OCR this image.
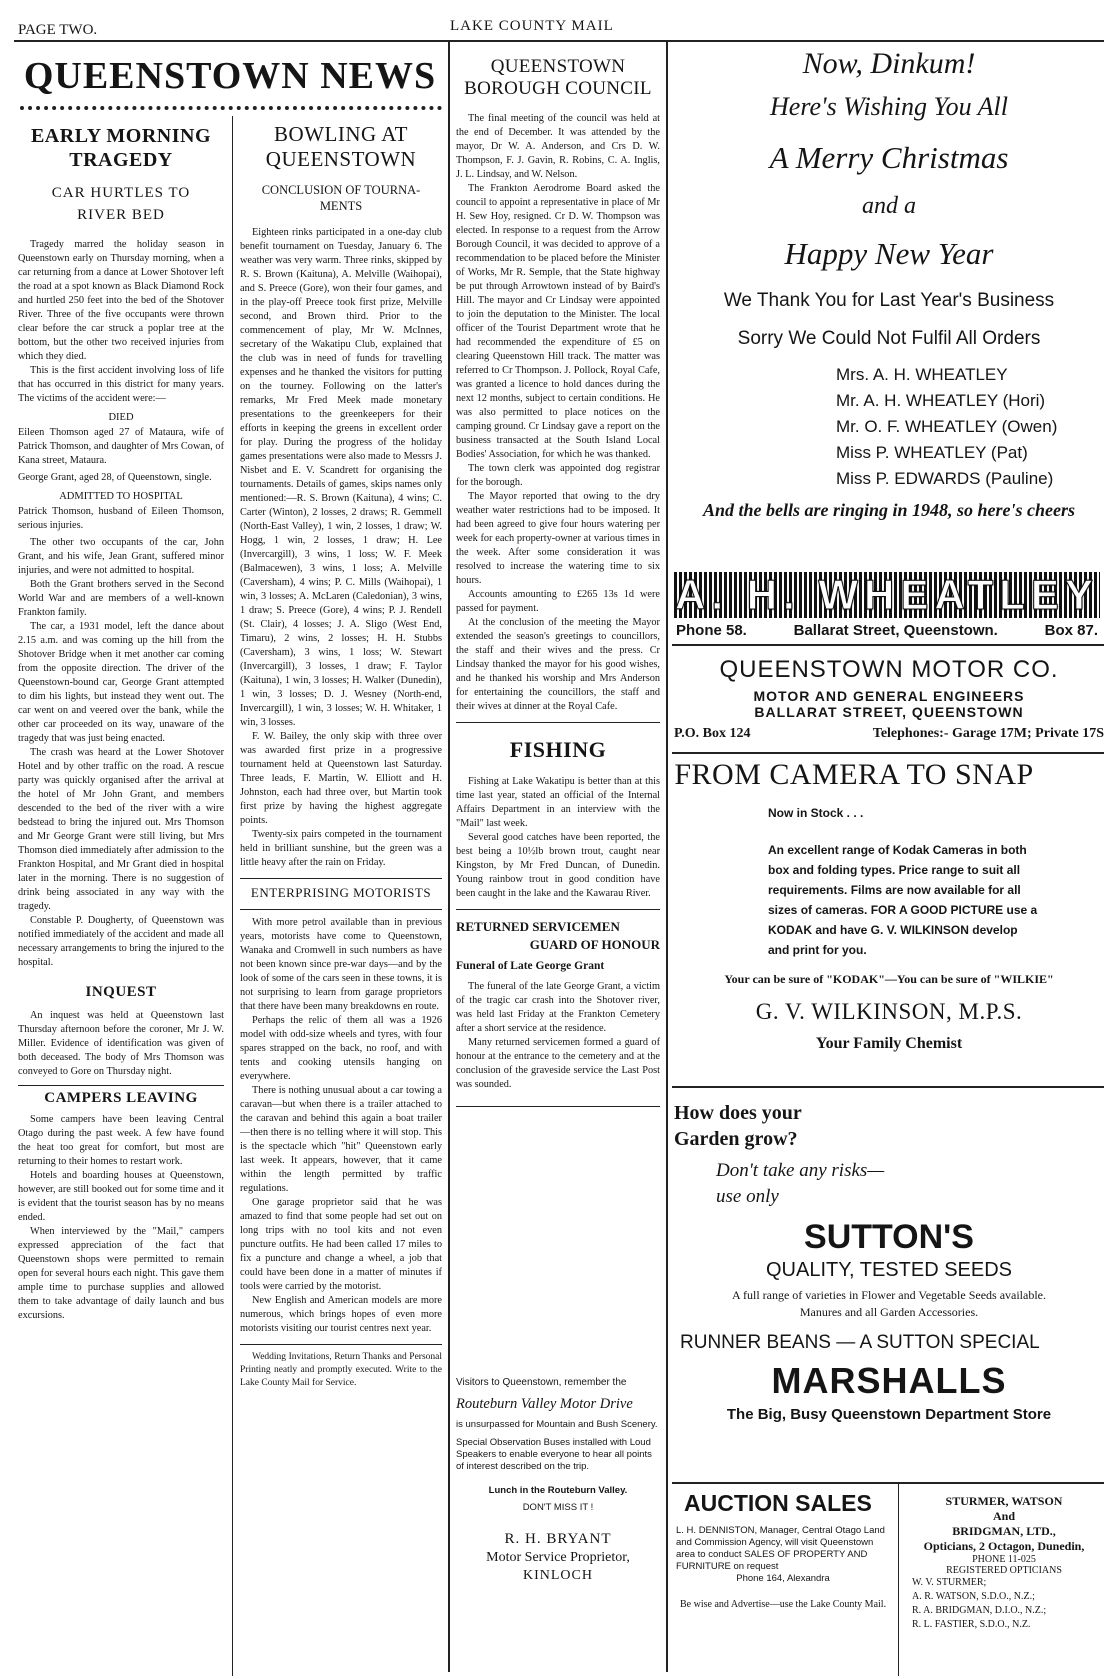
PAGE TWO.	LAKE COUNTY MAIL
QUEENSTOWN NEWS
EARLY MORNING
TRAGEDY
CAR HURTLES TO
RIVER BED

Tragedy marred the holiday season in Queenstown early on Thursday morning, when a car returning from a dance at Lower Shotover left the road at a spot known as Black Diamond Rock and hurtled 250 feet into the bed of the Shotover River. Three of the five occupants were thrown clear before the car struck a poplar tree at the bottom, but the other two received injuries from which they died.

This is the first accident involving loss of life that has occurred in this district for many years. The victims of the accident were:—

DIED

Eileen Thomson aged 27 of Mataura, wife of Patrick Thomson, and daughter of Mrs Cowan, of Kana street, Mataura.

George Grant, aged 28, of Queenstown, single.

ADMITTED TO HOSPITAL

Patrick Thomson, husband of Eileen Thomson, serious injuries.

The other two occupants of the car, John Grant, and his wife, Jean Grant, suffered minor injuries, and were not admitted to hospital.

Both the Grant brothers served in the Second World War and are members of a well-known Frankton family.

The car, a 1931 model, left the dance about 2.15 a.m. and was coming up the hill from the Shotover Bridge when it met another car coming from the opposite direction. The driver of the Queenstown-bound car, George Grant attempted to dim his lights, but instead they went out. The car went on and veered over the bank, while the other car proceeded on its way, unaware of the tragedy that was just being enacted.

The crash was heard at the Lower Shotover Hotel and by other traffic on the road. A rescue party was quickly organised after the arrival at the hotel of Mr John Grant, and members descended to the bed of the river with a wire bedstead to bring the injured out. Mrs Thomson and Mr George Grant were still living, but Mrs Thomson died immediately after admission to the Frankton Hospital, and Mr Grant died in hospital later in the morning. There is no suggestion of drink being associated in any way with the tragedy.

Constable P. Dougherty, of Queenstown was notified immediately of the accident and made all necessary arrangements to bring the injured to the hospital.

INQUEST

An inquest was held at Queenstown last Thursday afternoon before the coroner, Mr J. W. Miller. Evidence of identification was given of both deceased. The body of Mrs Thomson was conveyed to Gore on Thursday night.

CAMPERS LEAVING

Some campers have been leaving Central Otago during the past week. A few have found the heat too great for comfort, but most are returning to their homes to restart work.

Hotels and boarding houses at Queenstown, however, are still booked out for some time and it is evident that the tourist season has by no means ended.

When interviewed by the "Mail," campers expressed appreciation of the fact that Queenstown shops were permitted to remain open for several hours each night. This gave them ample time to purchase supplies and allowed them to take advantage of daily launch and bus excursions.

BOWLING AT
QUEENSTOWN
CONCLUSION OF TOURNA-
MENTS

Eighteen rinks participated in a one-day club benefit tournament on Tuesday, January 6. The weather was very warm. Three rinks, skipped by R. S. Brown (Kaituna), A. Melville (Waihopai), and S. Preece (Gore), won their four games, and in the play-off Preece took first prize, Melville second, and Brown third. Prior to the commencement of play, Mr W. McInnes, secretary of the Wakatipu Club, explained that the club was in need of funds for travelling expenses and he thanked the visitors for putting on the tourney. Following on the latter's remarks, Mr Fred Meek made monetary presentations to the greenkeepers for their efforts in keeping the greens in excellent order for play. During the progress of the holiday games presentations were also made to Messrs J. Nisbet and E. V. Scandrett for organising the tournaments. Details of games, skips names only mentioned:—R. S. Brown (Kaituna), 4 wins; C. Carter (Winton), 2 losses, 2 draws; R. Gemmell (North-East Valley), 1 win, 2 losses, 1 draw; W. Hogg, 1 win, 2 losses, 1 draw; H. Lee (Invercargill), 3 wins, 1 loss; W. F. Meek (Balmacewen), 3 wins, 1 loss; A. Melville (Caversham), 4 wins; P. C. Mills (Waihopai), 1 win, 3 losses; A. McLaren (Caledonian), 3 wins, 1 draw; S. Preece (Gore), 4 wins; P. J. Rendell (St. Clair), 4 losses; J. A. Sligo (West End, Timaru), 2 wins, 2 losses; H. H. Stubbs (Caversham), 3 wins, 1 loss; W. Stewart (Invercargill), 3 losses, 1 draw; F. Taylor (Kaituna), 1 win, 3 losses; H. Walker (Dunedin), 1 win, 3 losses; D. J. Wesney (North-end, Invercargill), 1 win, 3 losses; W. H. Whitaker, 1 win, 3 losses.

F. W. Bailey, the only skip with three over was awarded first prize in a progressive tournament held at Queenstown last Saturday. Three leads, F. Martin, W. Elliott and H. Johnston, each had three over, but Martin took first prize by having the highest aggregate points.

Twenty-six pairs competed in the tournament held in brilliant sunshine, but the green was a little heavy after the rain on Friday.

ENTERPRISING MOTORISTS

With more petrol available than in previous years, motorists have come to Queenstown, Wanaka and Cromwell in such numbers as have not been known since pre-war days—and by the look of some of the cars seen in these towns, it is not surprising to learn from garage proprietors that there have been many breakdowns en route.

Perhaps the relic of them all was a 1926 model with odd-size wheels and tyres, with four spares strapped on the back, no roof, and with tents and cooking utensils hanging on everywhere.

There is nothing unusual about a car towing a caravan—but when there is a trailer attached to the caravan and behind this again a boat trailer—then there is no telling where it will stop. This is the spectacle which "hit" Queenstown early last week. It appears, however, that it came within the length permitted by traffic regulations.

One garage proprietor said that he was amazed to find that some people had set out on long trips with no tool kits and not even puncture outfits. He had been called 17 miles to fix a puncture and change a wheel, a job that could have been done in a matter of minutes if tools were carried by the motorist.

New English and American models are more numerous, which brings hopes of even more motorists visiting our tourist centres next year.

Wedding Invitations, Return Thanks and Personal Printing neatly and promptly executed. Write to the Lake County Mail for Service.

QUEENSTOWN
BOROUGH COUNCIL

The final meeting of the council was held at the end of December. It was attended by the mayor, Dr W. A. Anderson, and Crs D. W. Thompson, F. J. Gavin, R. Robins, C. A. Inglis, J. L. Lindsay, and W. Nelson.

The Frankton Aerodrome Board asked the council to appoint a representative in place of Mr H. Sew Hoy, resigned. Cr D. W. Thompson was elected. In response to a request from the Arrow Borough Council, it was decided to approve of a recommendation to be placed before the Minister of Works, Mr R. Semple, that the State highway be put through Arrowtown instead of by Baird's Hill. The mayor and Cr Lindsay were appointed to join the deputation to the Minister. The local officer of the Tourist Department wrote that he had recommended the expenditure of £5 on clearing Queenstown Hill track. The matter was referred to Cr Thompson. J. Pollock, Royal Cafe, was granted a licence to hold dances during the next 12 months, subject to certain conditions. He was also permitted to place notices on the camping ground. Cr Lindsay gave a report on the business transacted at the South Island Local Bodies' Association, for which he was thanked.

The town clerk was appointed dog registrar for the borough.

The Mayor reported that owing to the dry weather water restrictions had to be imposed. It had been agreed to give four hours watering per week for each property-owner at various times in the week. After some consideration it was resolved to increase the watering time to six hours.

Accounts amounting to £265 13s 1d were passed for payment.

At the conclusion of the meeting the Mayor extended the season's greetings to councillors, the staff and their wives and the press. Cr Lindsay thanked the mayor for his good wishes, and he thanked his worship and Mrs Anderson for entertaining the councillors, the staff and their wives at dinner at the Royal Cafe.

FISHING

Fishing at Lake Wakatipu is better than at this time last year, stated an official of the Internal Affairs Department in an interview with the "Mail" last week.

Several good catches have been reported, the best being a 10½lb brown trout, caught near Kingston, by Mr Fred Duncan, of Dunedin. Young rainbow trout in good condition have been caught in the lake and the Kawarau River.

RETURNED SERVICEMEN
GUARD OF HONOUR
Funeral of Late George Grant

The funeral of the late George Grant, a victim of the tragic car crash into the Shotover river, was held last Friday at the Frankton Cemetery after a short service at the residence.

Many returned servicemen formed a guard of honour at the entrance to the cemetery and at the conclusion of the graveside service the Last Post was sounded.

Visitors to Queenstown, remember the
Routeburn Valley Motor Drive
is unsurpassed for Mountain and Bush Scenery.
Special Observation Buses installed with Loud Speakers to enable everyone to hear all points of interest described on the trip.
Lunch in the Routeburn Valley.
DON'T MISS IT !
R. H. BRYANT
Motor Service Proprietor,
KINLOCH
Now, Dinkum!
Here's Wishing You All
A Merry Christmas
and a
Happy New Year
We Thank You for Last Year's Business
Sorry We Could Not Fulfil All Orders
Mrs. A. H. WHEATLEY
Mr. A. H. WHEATLEY (Hori)
Mr. O. F. WHEATLEY (Owen)
Miss P. WHEATLEY (Pat)
Miss P. EDWARDS (Pauline)
And the bells are ringing in 1948, so here's cheers
A. H. WHEATLEY
Phone 58.	Ballarat Street, Queenstown.	Box 87.
QUEENSTOWN MOTOR CO.
MOTOR AND GENERAL ENGINEERS
BALLARAT STREET, QUEENSTOWN
P.O. Box 124	Telephones:- Garage 17M; Private 17S
FROM CAMERA TO SNAP
Now in Stock . . .
An excellent range of Kodak Cameras in both box and folding types. Price range to suit all requirements. Films are now available for all sizes of cameras. FOR A GOOD PICTURE use a KODAK and have G. V. WILKINSON develop and print for you.
Your can be sure of "KODAK"—You can be sure of "WILKIE"
G. V. WILKINSON, M.P.S.
Your Family Chemist
How does your
Garden grow?
Don't take any risks—
use only
SUTTON'S
QUALITY, TESTED SEEDS
A full range of varieties in Flower and Vegetable Seeds available.
Manures and all Garden Accessories.
RUNNER BEANS — A SUTTON SPECIAL
MARSHALLS
The Big, Busy Queenstown Department Store
AUCTION SALES
L. H. DENNISTON, Manager, Central Otago Land and Commission Agency, will visit Queenstown area to conduct SALES OF PROPERTY AND FURNITURE on request
Phone 164, Alexandra
Be wise and Advertise—use the Lake County Mail.
STURMER, WATSON
And
BRIDGMAN, LTD.,
Opticians, 2 Octagon, Dunedin,
PHONE 11-025
REGISTERED OPTICIANS
W. V. STURMER;
A. R. WATSON, S.D.O., N.Z.;
R. A. BRIDGMAN, D.I.O., N.Z.;
R. L. FASTIER, S.D.O., N.Z.
